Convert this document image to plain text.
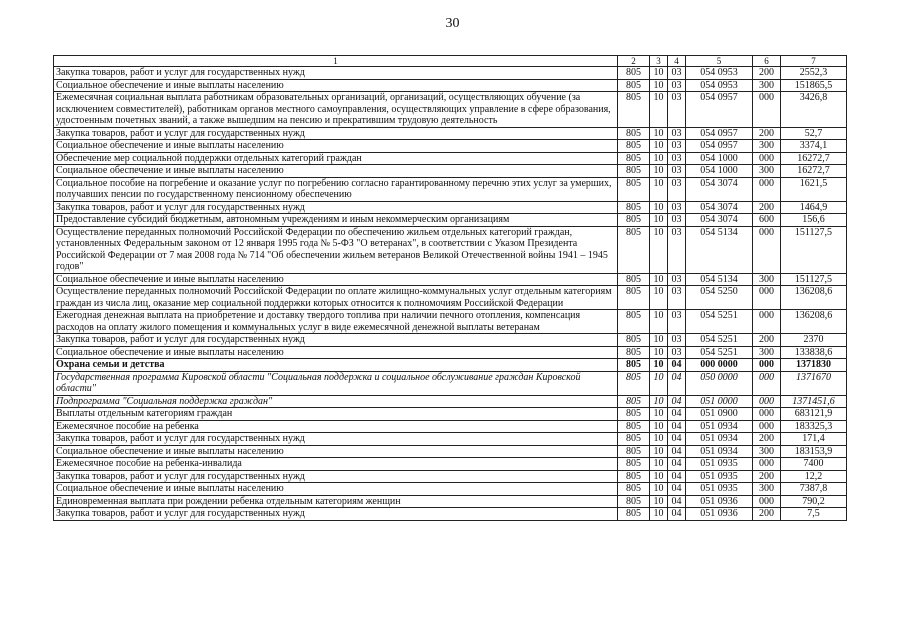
30
1	2	3	4	5	6	7
Закупка товаров, работ и услуг для государственных нужд	805	10	03	054 0953	200	2552,3
Социальное обеспечение и иные выплаты населению	805	10	03	054 0953	300	151865,5
Ежемесячная социальная выплата работникам образовательных организаций, организаций, осуществляющих обучение (за исключением совместителей), работникам органов местного самоуправления, осуществляющих управление в сфере образования, удостоенным почетных званий, а также вышедшим на пенсию и прекратившим трудовую деятельность	805	10	03	054 0957	000	3426,8
Закупка товаров, работ и услуг для государственных нужд	805	10	03	054 0957	200	52,7
Социальное обеспечение и иные выплаты населению	805	10	03	054 0957	300	3374,1
Обеспечение мер социальной поддержки отдельных категорий граждан	805	10	03	054 1000	000	16272,7
Социальное обеспечение и иные выплаты населению	805	10	03	054 1000	300	16272,7
Социальное пособие на погребение и оказание услуг по погребению согласно гарантированному перечню этих услуг за умерших, получавших пенсии по государственному пенсионному обеспечению	805	10	03	054 3074	000	1621,5
Закупка товаров, работ и услуг для государственных нужд	805	10	03	054 3074	200	1464,9
Предоставление субсидий бюджетным, автономным учреждениям и иным некоммерческим организациям	805	10	03	054 3074	600	156,6
Осуществление переданных полномочий Российской Федерации по обеспечению жильем отдельных категорий граждан, установленных Федеральным законом от 12 января 1995 года № 5-ФЗ "О ветеранах", в соответствии с Указом Президента Российской Федерации от 7 мая 2008 года № 714 "Об обеспечении жильем ветеранов Великой Отечественной войны 1941 – 1945 годов"	805	10	03	054 5134	000	151127,5
Социальное обеспечение и иные выплаты населению	805	10	03	054 5134	300	151127,5
Осуществление переданных полномочий Российской Федерации по оплате жилищно-коммунальных услуг отдельным категориям граждан из числа лиц, оказание мер социальной поддержки которых относится к полномочиям Российской Федерации	805	10	03	054 5250	000	136208,6
Ежегодная денежная выплата на приобретение и доставку твердого топлива при наличии печного отопления, компенсация расходов на оплату жилого помещения и коммунальных услуг в виде ежемесячной денежной выплаты ветеранам	805	10	03	054 5251	000	136208,6
Закупка товаров, работ и услуг для государственных нужд	805	10	03	054 5251	200	2370
Социальное обеспечение и иные выплаты населению	805	10	03	054 5251	300	133838,6
Охрана семьи и детства	805	10	04	000 0000	000	1371830
Государственная программа Кировской области "Социальная поддержка и социальное обслуживание граждан Кировской области"	805	10	04	050 0000	000	1371670
Подпрограмма "Социальная поддержка граждан"	805	10	04	051 0000	000	1371451,6
Выплаты отдельным категориям граждан	805	10	04	051 0900	000	683121,9
Ежемесячное пособие на ребенка	805	10	04	051 0934	000	183325,3
Закупка товаров, работ и услуг для государственных нужд	805	10	04	051 0934	200	171,4
Социальное обеспечение и иные выплаты населению	805	10	04	051 0934	300	183153,9
Ежемесячное пособие на ребенка-инвалида	805	10	04	051 0935	000	7400
Закупка товаров, работ и услуг для государственных нужд	805	10	04	051 0935	200	12,2
Социальное обеспечение и иные выплаты населению	805	10	04	051 0935	300	7387,8
Единовременная выплата при рождении ребенка отдельным категориям женщин	805	10	04	051 0936	000	790,2
Закупка товаров, работ и услуг для государственных нужд	805	10	04	051 0936	200	7,5
